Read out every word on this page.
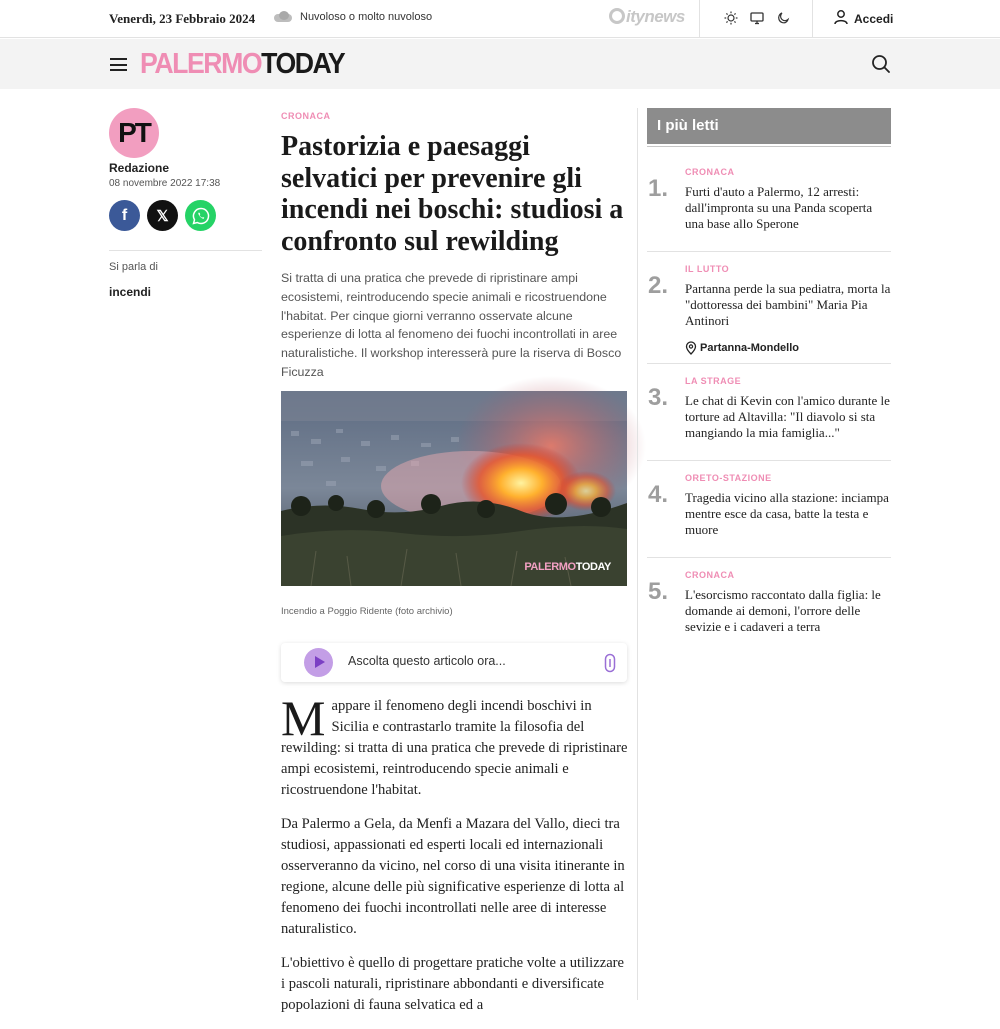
Venerdì, 23 Febbraio 2024	Nuvoloso o molto nuvoloso	itynews	Accedi
PALERMOTODAY
PT
Redazione
08 novembre 2022 17:38
f	𝕏
Si parla di
incendi
CRONACA
Pastorizia e paesaggi selvatici per prevenire gli incendi nei boschi: studiosi a confronto sul rewilding

Si tratta di una pratica che prevede di ripristinare ampi ecosistemi, reintroducendo specie animali e ricostruendone l'habitat. Per cinque giorni verranno osservate alcune esperienze di lotta al fenomeno dei fuochi incontrollati in aree naturalistiche. Il workshop interesserà pure la riserva di Bosco Ficuzza

PALERMOTODAY
Incendio a Poggio Ridente (foto archivio)
Ascolta questo articolo ora...

Mappare il fenomeno degli incendi boschivi in Sicilia e contrastarlo tramite la filosofia del rewilding: si tratta di una pratica che prevede di ripristinare ampi ecosistemi, reintroducendo specie animali e ricostruendone l'habitat.

Da Palermo a Gela, da Menfi a Mazara del Vallo, dieci tra studiosi, appassionati ed esperti locali ed internazionali osserveranno da vicino, nel corso di una visita itinerante in regione, alcune delle più significative esperienze di lotta al fenomeno dei fuochi incontrollati nelle aree di interesse naturalistico.

L'obiettivo è quello di progettare pratiche volte a utilizzare i pascoli naturali, ripristinare abbondanti e diversificate popolazioni di fauna selvatica ed a

I più letti
1.
CRONACA
Furti d'auto a Palermo, 12 arresti: dall'impronta su una Panda scoperta una base allo Sperone
2.
IL LUTTO
Partanna perde la sua pediatra, morta la "dottoressa dei bambini" Maria Pia Antinori
Partanna-Mondello
3.
LA STRAGE
Le chat di Kevin con l'amico durante le torture ad Altavilla: "Il diavolo si sta mangiando la mia famiglia..."
4.
ORETO-STAZIONE
Tragedia vicino alla stazione: inciampa mentre esce da casa, batte la testa e muore
5.
CRONACA
L'esorcismo raccontato dalla figlia: le domande ai demoni, l'orrore delle sevizie e i cadaveri a terra
